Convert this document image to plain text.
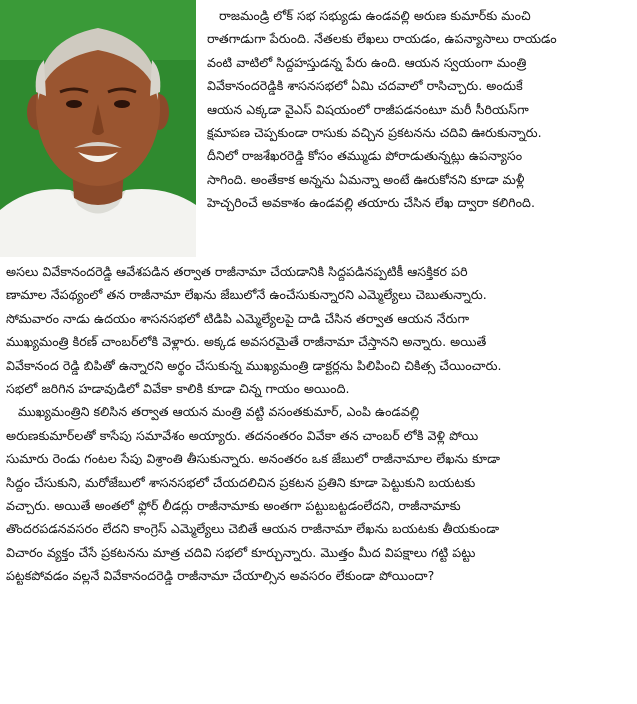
రాజమండ్రి లోక్ సభ సభ్యుడు ఉండవల్లి అరుణ కుమార్‌కు మంచి
రాతగాడుగా పేరుంది. నేతలకు లేఖలు రాయడం, ఉపన్యాసాలు రాయడం
వంటి వాటిలో సిద్దహస్తుడన్న పేరు ఉంది. ఆయన స్వయంగా మంత్రి
వివేకానందరెడ్డికి శాసనసభలో ఏమి చదవాలో రాసిచ్చారు. అందుకే
ఆయన ఎక్కడా వైఎస్ విషయంలో రాజీపడనంటూ మరీ సీరియస్‌గా
క్షమాపణ చెప్పకుండా రాసుకు వచ్చిన ప్రకటనను చదివి ఊరుకున్నారు.
దీనిలో రాజశేఖరరెడ్డి కోసం తమ్ముడు పోరాడుతున్నట్లు ఉపన్యాసం
సాగింది. అంతేకాక అన్నను ఏమన్నా అంటే ఊరుకోనని కూడా మళ్లీ
హెచ్చరించే అవకాశం ఉండవల్లి తయారు చేసిన లేఖ ద్వారా కలిగింది.
అసలు వివేకానందరెడ్డి ఆవేశపడిన తర్వాత రాజీనామా చేయడానికి సిద్దపడినప్పటికీ ఆసక్తికర పరి
ణామాల నేపథ్యంలో తన రాజీనామా లేఖను జేబులోనే ఉంచేసుకున్నారని ఎమ్మెల్యేలు చెబుతున్నారు.
సోమవారం నాడు ఉదయం శాసనసభలో టిడిపి ఎమ్మెల్యేలపై దాడి చేసిన తర్వాత ఆయన నేరుగా
ముఖ్యమంత్రి కిరణ్ చాంబర్‌లోకి వెళ్లారు. అక్కడ అవసరమైతే రాజీనామా చేస్తానని అన్నారు. అయితే
వివేకానంద రెడ్డి బిపితో ఉన్నారని అర్థం చేసుకున్న ముఖ్యమంత్రి డాక్టర్లను పిలిపించి చికిత్స చేయించారు.
సభలో జరిగిన హడావుడిలో వివేకా కాలికి కూడా చిన్న గాయం అయింది.
ముఖ్యమంత్రిని కలిసిన తర్వాత ఆయన మంత్రి వట్టి వసంతకుమార్, ఎంపి ఉండవల్లి
అరుణకుమార్‌లతో కాసేపు సమావేశం అయ్యారు. తదనంతరం వివేకా తన చాంబర్ లోకి వెళ్లి పోయి
సుమారు రెండు గంటల సేపు విశ్రాంతి తీసుకున్నారు. అనంతరం ఒక జేబులో రాజీనామాల లేఖను కూడా
సిద్దం చేసుకుని, మరోజేబులో శాసనసభలో చేయదలిచిన ప్రకటన ప్రతిని కూడా పెట్టుకుని బయటకు
వచ్చారు. అయితే అంతలో ఫ్లోర్ లీడర్లు రాజీనామాకు అంతగా పట్టుబట్టడంలేదని, రాజీనామాకు
తొందరపడనవసరం లేదని కాంగ్రెస్ ఎమ్మెల్యేలు చెబితే ఆయన రాజీనామా లేఖను బయటకు తీయకుండా
విచారం వ్యక్తం చేసే ప్రకటనను మాత్ర చదివి సభలో కూర్చున్నారు. మొత్తం మీద విపక్షాలు గట్టి పట్టు
పట్టకపోవడం వల్లనే వివేకానందరెడ్డి రాజీనామా చేయాల్సిన అవసరం లేకుండా పోయిందా?
